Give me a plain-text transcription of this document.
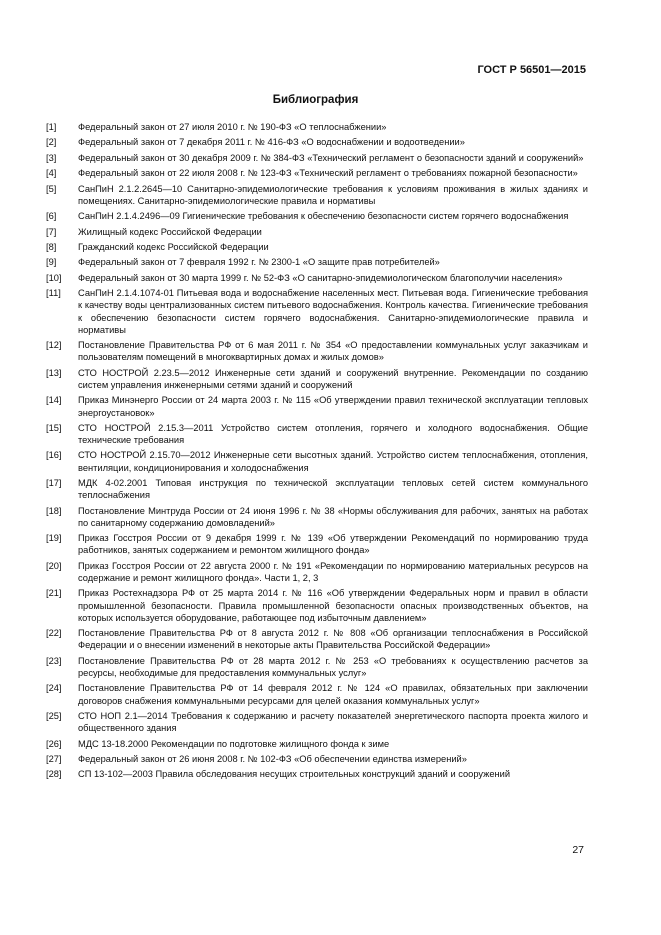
ГОСТ Р 56501—2015
Библиография
[1]	Федеральный закон от 27 июля 2010 г. № 190-ФЗ «О теплоснабжении»
[2]	Федеральный закон от 7 декабря 2011 г. № 416-ФЗ «О водоснабжении и водоотведении»
[3]	Федеральный закон от 30 декабря 2009 г. № 384-ФЗ «Технический регламент о безопасности зданий и сооружений»
[4]	Федеральный закон от 22 июля 2008 г. № 123-ФЗ «Технический регламент о требованиях пожарной безопасности»
[5]	СанПиН 2.1.2.2645—10 Санитарно-эпидемиологические требования к условиям проживания в жилых зданиях и помещениях. Санитарно-эпидемиологические правила и нормативы
[6]	СанПиН 2.1.4.2496—09 Гигиенические требования к обеспечению безопасности систем горячего водоснабжения
[7]	Жилищный кодекс Российской Федерации
[8]	Гражданский кодекс Российской Федерации
[9]	Федеральный закон от 7 февраля 1992 г. № 2300-1 «О защите прав потребителей»
[10]	Федеральный закон от 30 марта 1999 г. № 52-ФЗ «О санитарно-эпидемиологическом благополучии населения»
[11]	СанПиН 2.1.4.1074-01 Питьевая вода и водоснабжение населенных мест. Питьевая вода. Гигиенические требования к качеству воды централизованных систем питьевого водоснабжения. Контроль качества. Гигиенические требования к обеспечению безопасности систем горячего водоснабжения. Санитарно-эпидемиологические правила и нормативы
[12]	Постановление Правительства РФ от 6 мая 2011 г. № 354 «О предоставлении коммунальных услуг заказчикам и пользователям помещений в многоквартирных домах и жилых домов»
[13]	СТО НОСТРОЙ 2.23.5—2012 Инженерные сети зданий и сооружений внутренние. Рекомендации по созданию систем управления инженерными сетями зданий и сооружений
[14]	Приказ Минэнерго России от 24 марта 2003 г. № 115 «Об утверждении правил технической эксплуатации тепловых энергоустановок»
[15]	СТО НОСТРОЙ 2.15.3—2011 Устройство систем отопления, горячего и холодного водоснабжения. Общие технические требования
[16]	СТО НОСТРОЙ 2.15.70—2012 Инженерные сети высотных зданий. Устройство систем теплоснабжения, отопления, вентиляции, кондиционирования и холодоснабжения
[17]	МДК 4-02.2001 Типовая инструкция по технической эксплуатации тепловых сетей систем коммунального теплоснабжения
[18]	Постановление Минтруда России от 24 июня 1996 г. № 38 «Нормы обслуживания для рабочих, занятых на работах по санитарному содержанию домовладений»
[19]	Приказ Госстроя России от 9 декабря 1999 г. № 139 «Об утверждении Рекомендаций по нормированию труда работников, занятых содержанием и ремонтом жилищного фонда»
[20]	Приказ Госстроя России от 22 августа 2000 г. № 191 «Рекомендации по нормированию материальных ресурсов на содержание и ремонт жилищного фонда». Части 1, 2, 3
[21]	Приказ Ростехнадзора РФ от 25 марта 2014 г. № 116 «Об утверждении Федеральных норм и правил в области промышленной безопасности. Правила промышленной безопасности опасных производственных объектов, на которых используется оборудование, работающее под избыточным давлением»
[22]	Постановление Правительства РФ от 8 августа 2012 г. № 808 «Об организации теплоснабжения в Российской Федерации и о внесении изменений в некоторые акты Правительства Российской Федерации»
[23]	Постановление Правительства РФ от 28 марта 2012 г. № 253 «О требованиях к осуществлению расчетов за ресурсы, необходимые для предоставления коммунальных услуг»
[24]	Постановление Правительства РФ от 14 февраля 2012 г. № 124 «О правилах, обязательных при заключении договоров снабжения коммунальными ресурсами для целей оказания коммунальных услуг»
[25]	СТО НОП 2.1—2014 Требования к содержанию и расчету показателей энергетического паспорта проекта жилого и общественного здания
[26]	МДС 13-18.2000 Рекомендации по подготовке жилищного фонда к зиме
[27]	Федеральный закон от 26 июня 2008 г. № 102-ФЗ «Об обеспечении единства измерений»
[28]	СП 13-102—2003 Правила обследования несущих строительных конструкций зданий и сооружений
27
